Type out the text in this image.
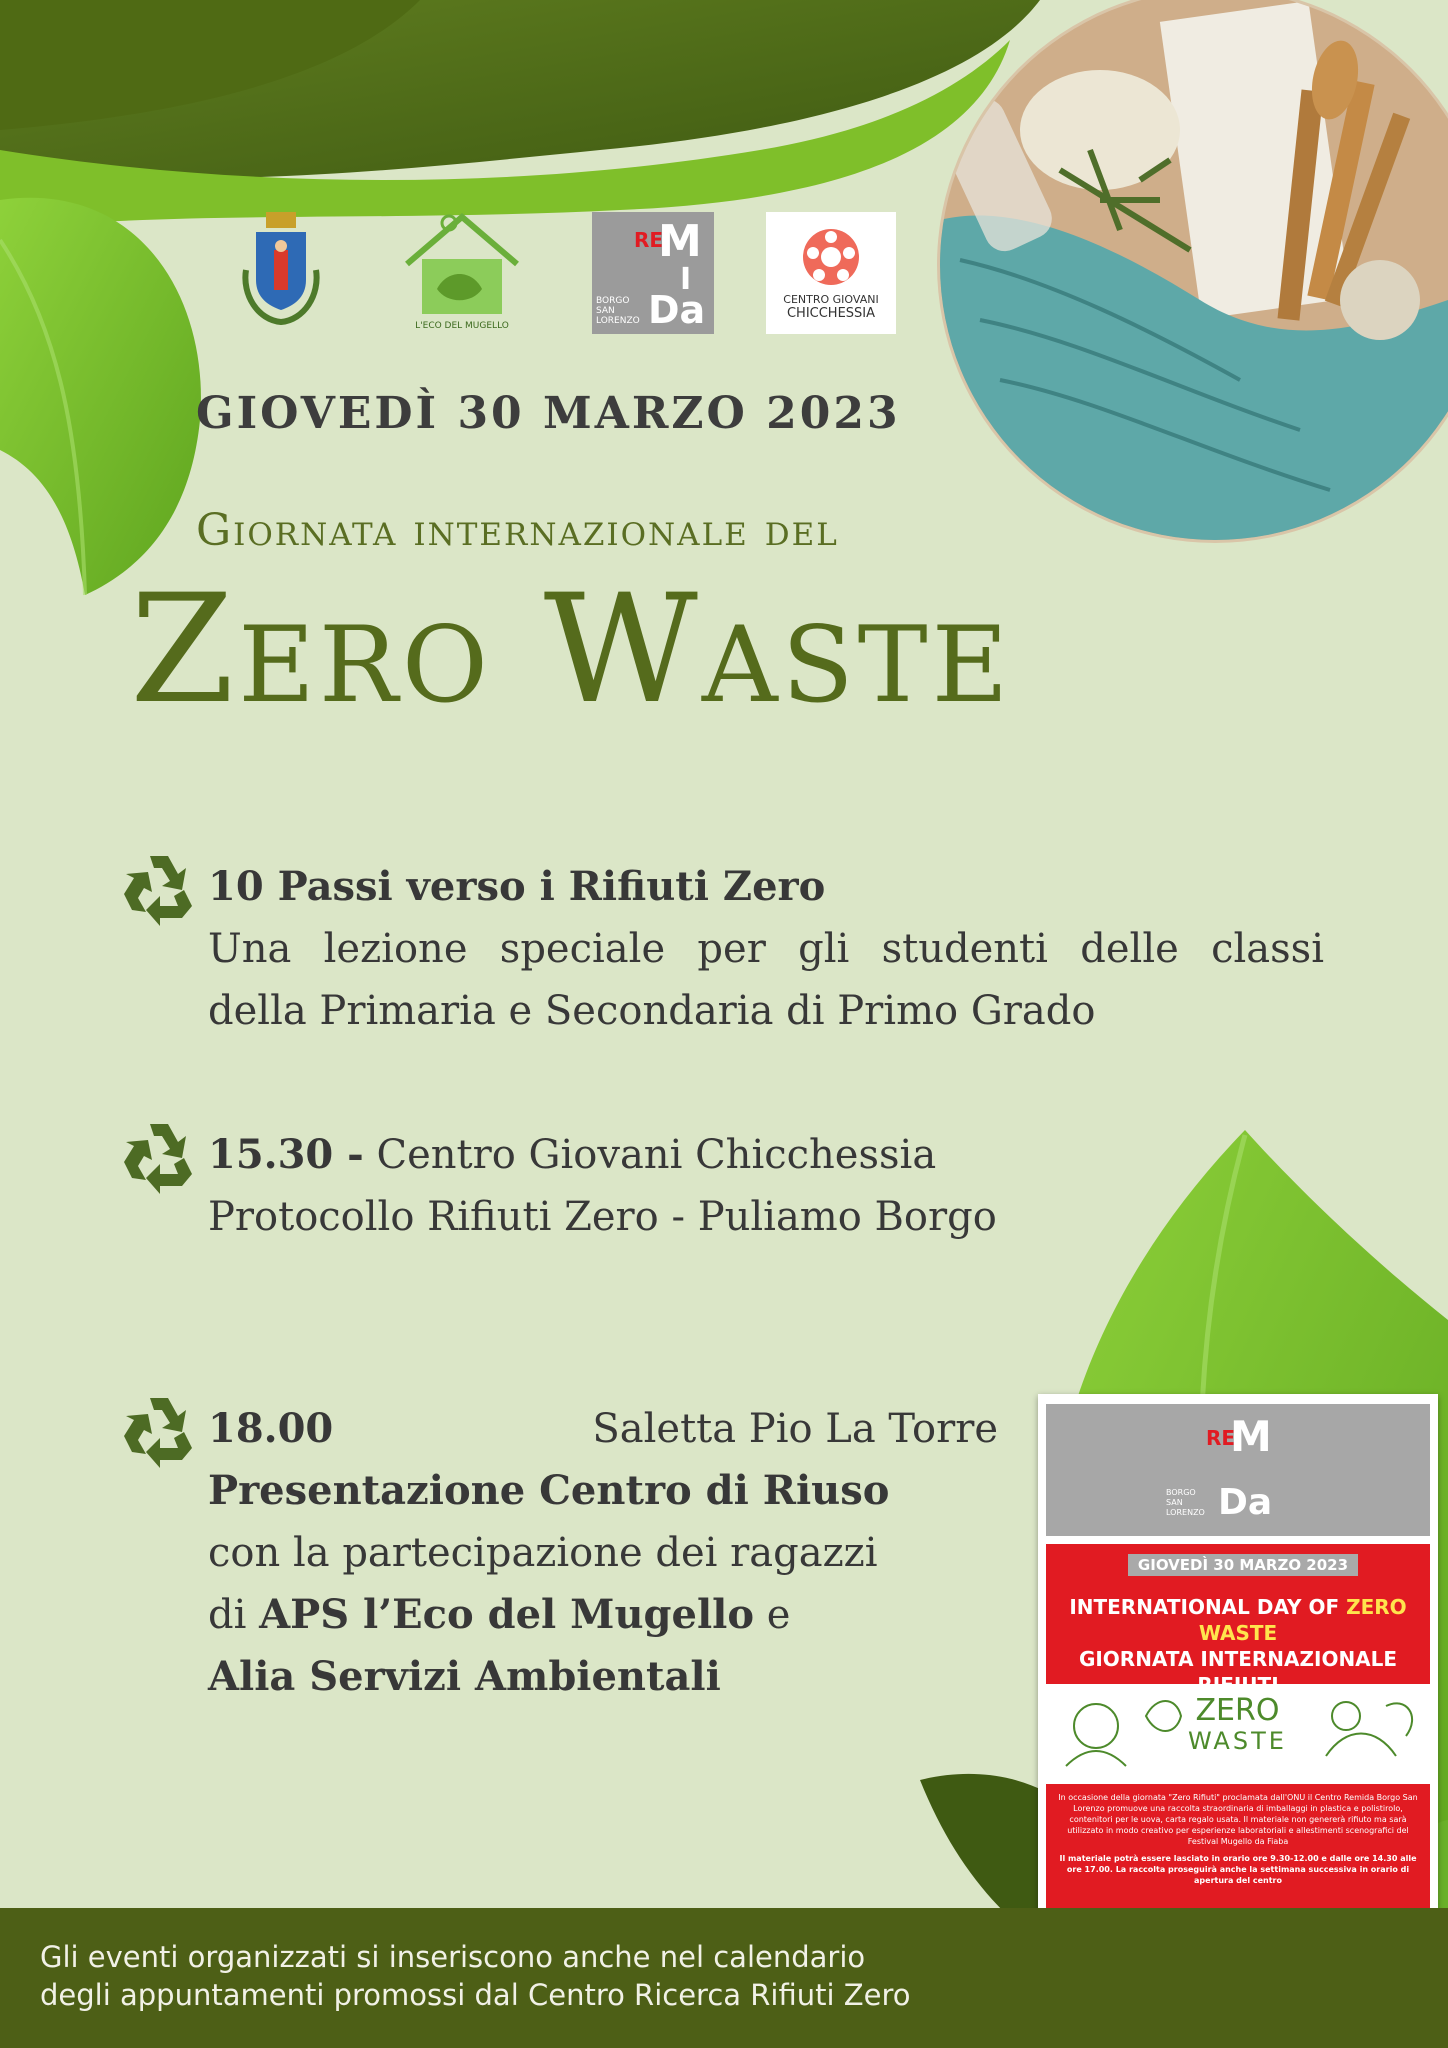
L'ECO DEL MUGELLO
RE
M
I
Da
BORGO SAN LORENZO
CENTRO GIOVANI
CHICCHESSIA
GIOVEDÌ 30 MARZO 2023
Giornata internazionale del
Zero Waste
10 Passi verso i Rifiuti Zero
Una lezione speciale per gli studenti delle classi
della Primaria e Secondaria di Primo Grado
15.30 - Centro Giovani Chicchessia
Protocollo Rifiuti Zero - Puliamo Borgo
18.00	Saletta Pio La Torre
Presentazione Centro di Riuso
con la partecipazione dei ragazzi
di APS l’Eco del Mugello e
Alia Servizi Ambientali
RE
M
Da
BORGO SAN LORENZO
GIOVEDÌ 30 MARZO 2023
INTERNATIONAL DAY OF ZERO WASTE
GIORNATA INTERNAZIONALE RIFIUTI
ZERO
WASTE
In occasione della giornata "Zero Rifiuti" proclamata dall'ONU il Centro Remida Borgo San Lorenzo promuove una raccolta straordinaria di imballaggi in plastica e polistirolo, contenitori per le uova, carta regalo usata. Il materiale non genererà rifiuto ma sarà utilizzato in modo creativo per esperienze laboratoriali e allestimenti scenografici del Festival Mugello da Fiaba
Il materiale potrà essere lasciato in orario ore 9.30-12.00 e dalle ore 14.30 alle ore 17.00. La raccolta proseguirà anche la settimana successiva in orario di apertura del centro
Gli eventi organizzati si inseriscono anche nel calendario
degli appuntamenti promossi dal Centro Ricerca Rifiuti Zero
